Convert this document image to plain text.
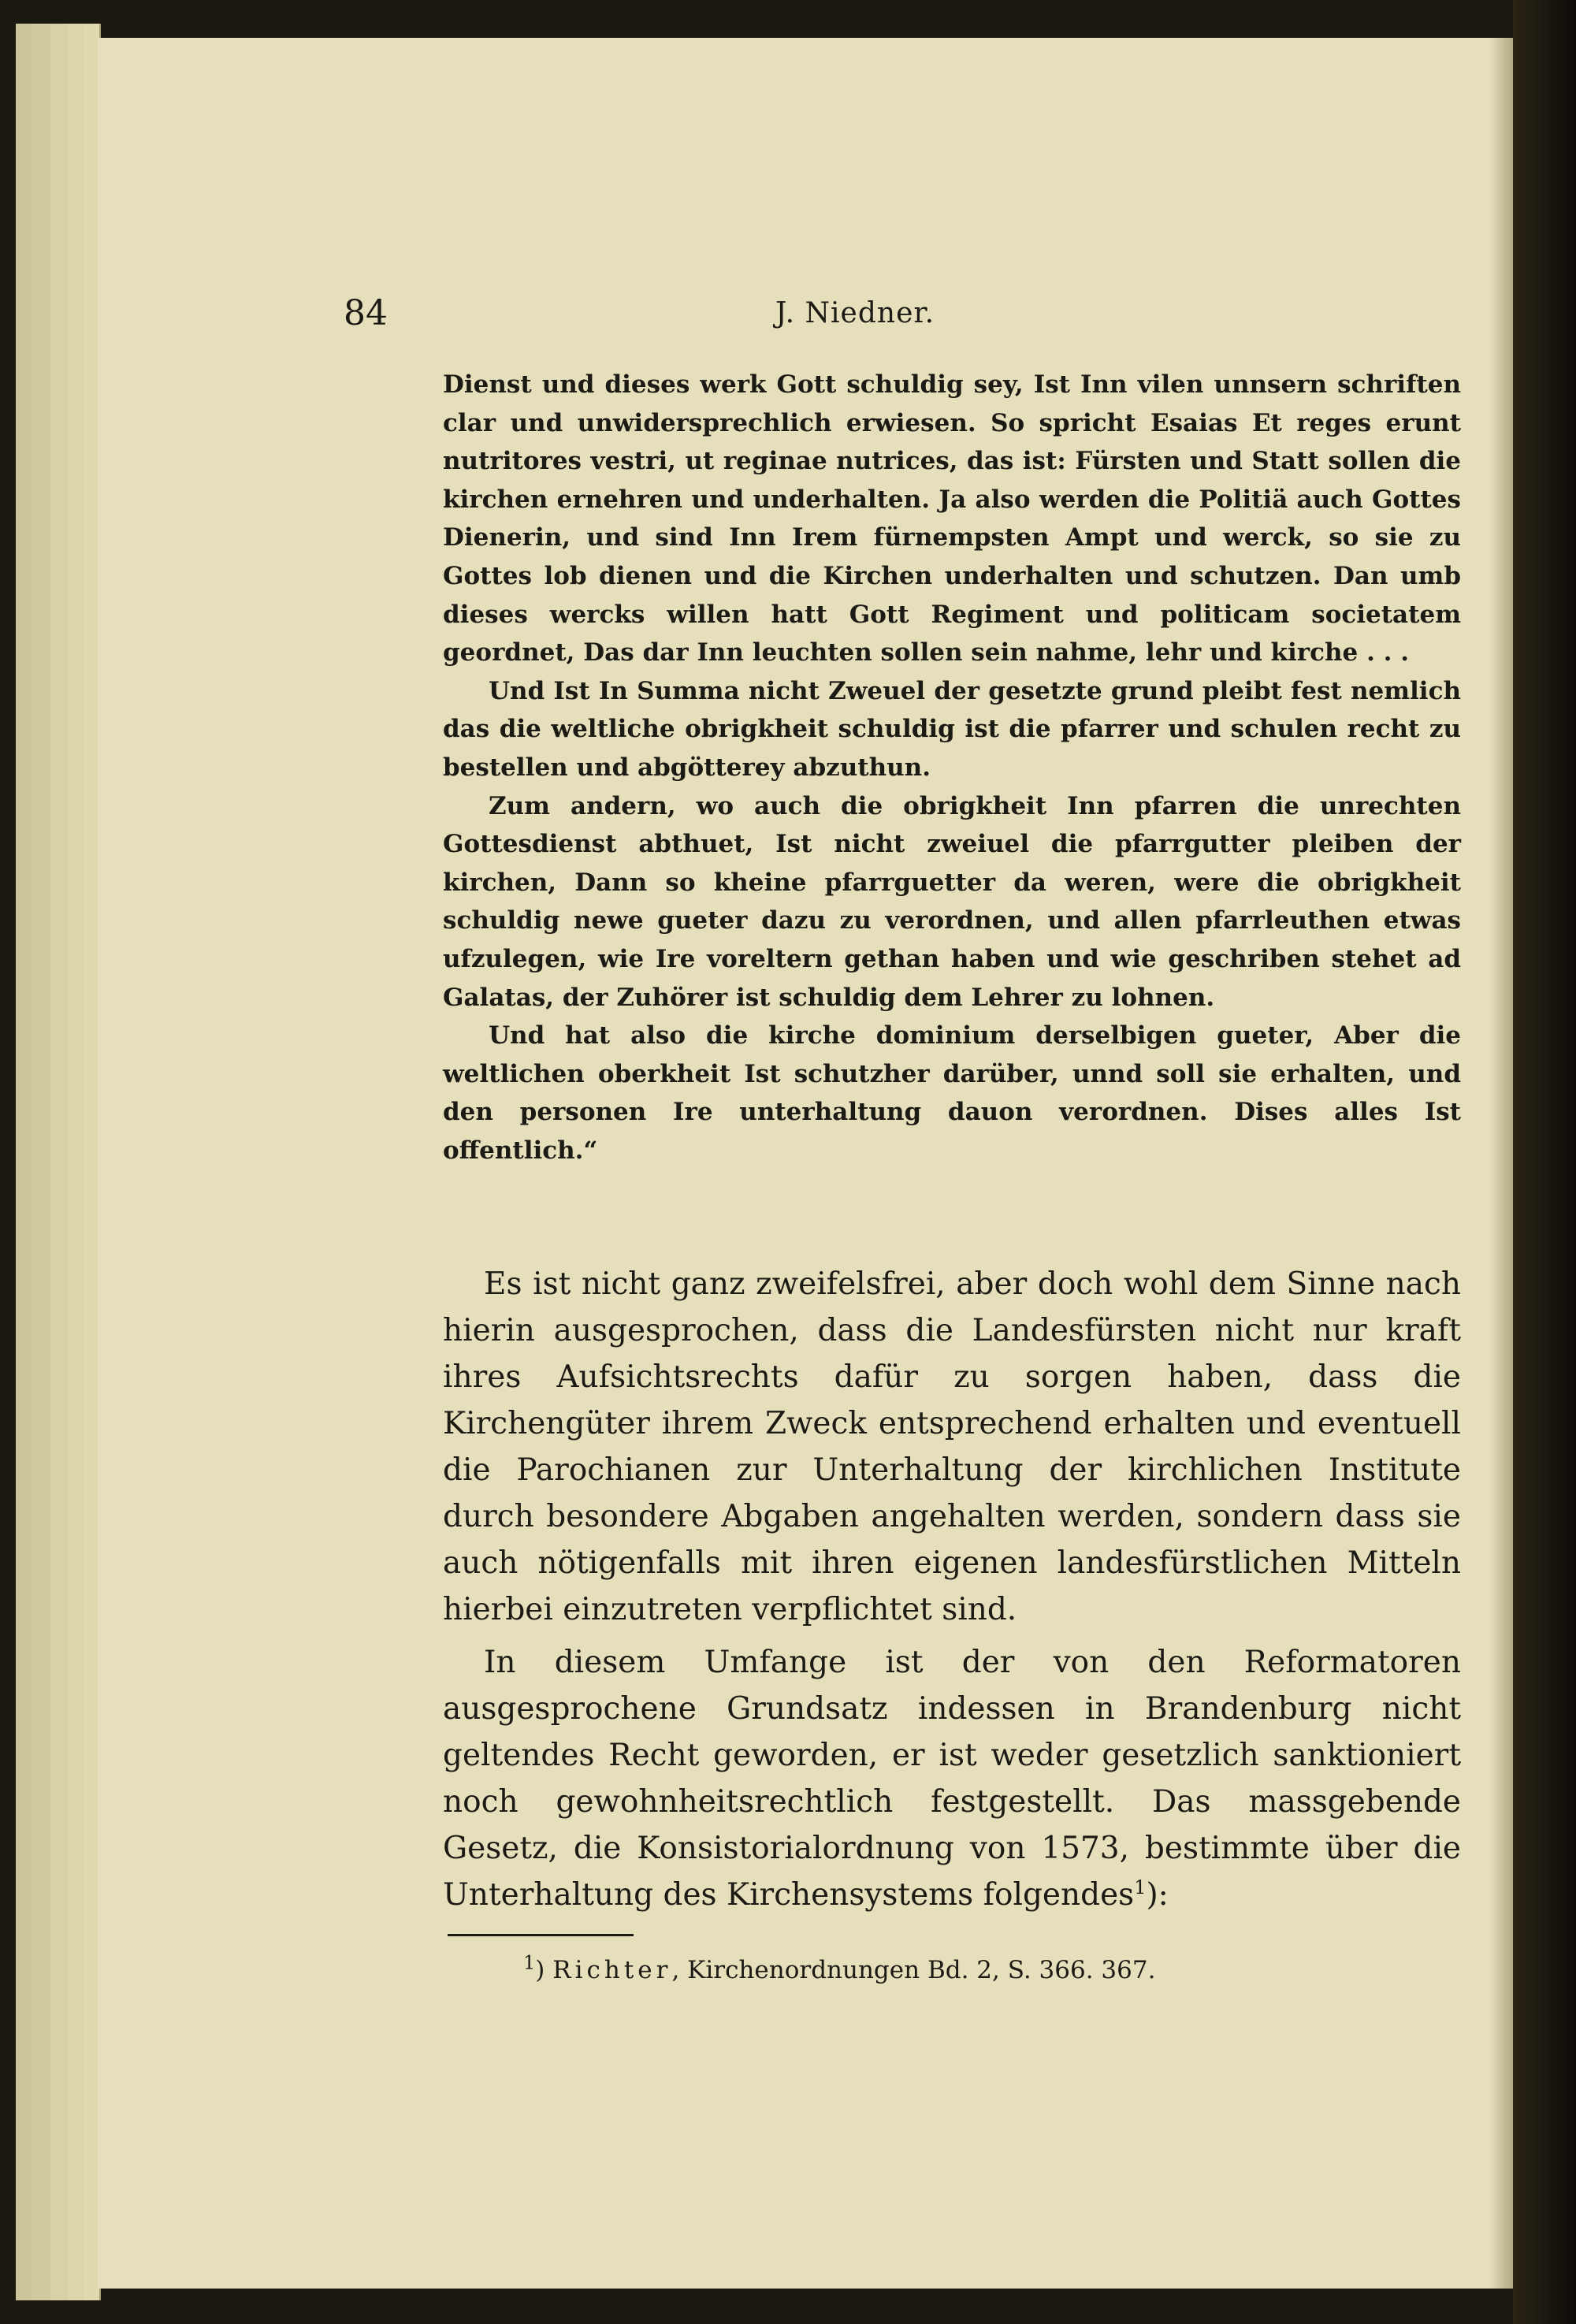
84	J. Niedner.

Dienst und dieses werk Gott schuldig sey, Ist Inn vilen unnsern schriften clar und unwidersprechlich erwiesen. So spricht Esaias Et reges erunt nutritores vestri, ut reginae nutrices, das ist: Fürsten und Statt sollen die kirchen ernehren und underhalten. Ja also werden die Politiä auch Gottes Dienerin, und sind Inn Irem fürnempsten Ampt und werck, so sie zu Gottes lob dienen und die Kirchen underhalten und schutzen. Dan umb dieses wercks willen hatt Gott Regiment und politicam societatem geordnet, Das dar Inn leuchten sollen sein nahme, lehr und kirche . . .

Und Ist In Summa nicht Zweuel der gesetzte grund pleibt fest nemlich das die weltliche obrigkheit schuldig ist die pfarrer und schulen recht zu bestellen und abgötterey abzuthun.

Zum andern, wo auch die obrigkheit Inn pfarren die unrechten Gottesdienst abthuet, Ist nicht zweiuel die pfarrgutter pleiben der kirchen, Dann so kheine pfarrguetter da weren, were die obrigkheit schuldig newe gueter dazu zu verordnen, und allen pfarrleuthen etwas ufzulegen, wie Ire voreltern gethan haben und wie geschriben stehet ad Galatas, der Zuhörer ist schuldig dem Lehrer zu lohnen.

Und hat also die kirche dominium derselbigen gueter, Aber die weltlichen oberkheit Ist schutzher darüber, unnd soll sie erhalten, und den personen Ire unterhaltung dauon verordnen. Dises alles Ist offentlich.“

Es ist nicht ganz zweifelsfrei, aber doch wohl dem Sinne nach hierin ausgesprochen, dass die Landesfürsten nicht nur kraft ihres Aufsichtsrechts dafür zu sorgen haben, dass die Kirchengüter ihrem Zweck entsprechend erhalten und eventuell die Parochianen zur Unterhaltung der kirchlichen Institute durch besondere Abgaben angehalten werden, sondern dass sie auch nötigenfalls mit ihren eigenen landesfürstlichen Mitteln hierbei einzutreten verpflichtet sind.

In diesem Umfange ist der von den Reformatoren ausgesprochene Grundsatz indessen in Brandenburg nicht geltendes Recht geworden, er ist weder gesetzlich sanktioniert noch gewohnheitsrechtlich festgestellt. Das massgebende Gesetz, die Konsistorialordnung von 1573, bestimmte über die Unterhaltung des Kirchensystems folgendes$^1$):

$^1$) Richter, Kirchenordnungen Bd. 2, S. 366. 367.
